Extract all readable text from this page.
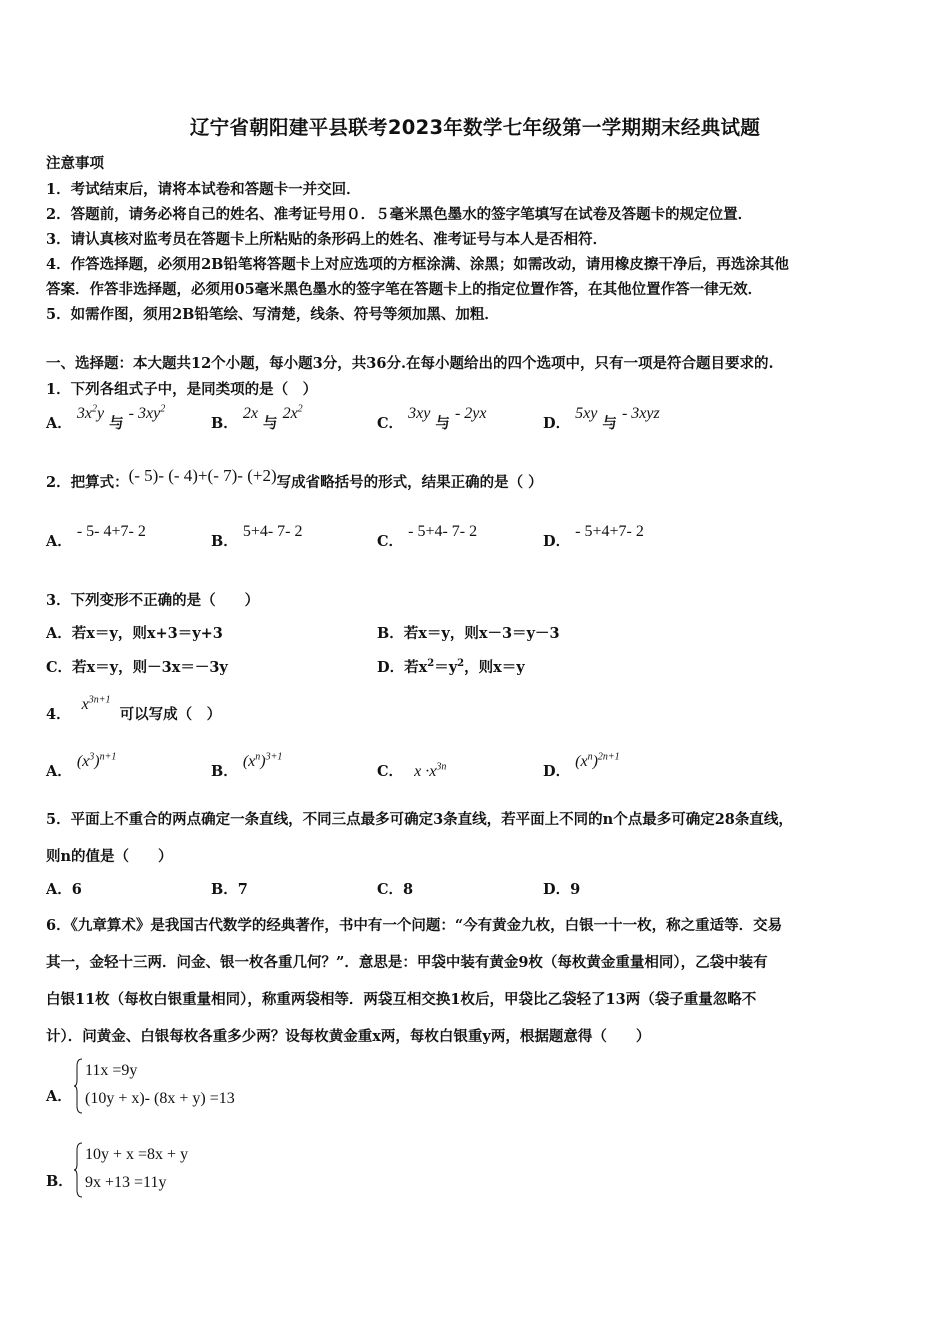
辽宁省朝阳建平县联考2023年数学七年级第一学期期末经典试题
注意事项
1．考试结束后，请将本试卷和答题卡一并交回．
2．答题前，请务必将自己的姓名、准考证号用０．５毫米黑色墨水的签字笔填写在试卷及答题卡的规定位置．
3．请认真核对监考员在答题卡上所粘贴的条形码上的姓名、准考证号与本人是否相符．
4．作答选择题，必须用2B铅笔将答题卡上对应选项的方框涂满、涂黑；如需改动，请用橡皮擦干净后，再选涂其他
答案．作答非选择题，必须用05毫米黑色墨水的签字笔在答题卡上的指定位置作答，在其他位置作答一律无效．
5．如需作图，须用2B铅笔绘、写清楚，线条、符号等须加黑、加粗．
一、选择题：本大题共12个小题，每小题3分，共36分.在每小题给出的四个选项中，只有一项是符合题目要求的.
1．下列各组式子中，是同类项的是（　）
A． $3x^2y$ 与 - $3xy^2$
B． 2x 与 $2x^2$
C． 3xy 与 - 2yx
D． 5xy 与 - 3xyz
2．把算式：(- 5)- (- 4)+(- 7)- (+2)写成省略括号的形式，结果正确的是（ ）
A． - 5- 4+7- 2
B． 5+4- 7- 2
C． - 5+4- 7- 2
D． - 5+4+7- 2
3．下列变形不正确的是（　　）
A．若x＝y，则x+3＝y+3	B．若x＝y，则x－3＝y－3
C．若x＝y，则－3x＝－3y	D．若$x^2=y^2$，则x＝y
4． $x^{3n+1}$ 可以写成（　）
A． $(x^3)^{n+1}$
B． $(x^n)^{3+1}$
C． $x \cdot x^{3n}$	D． $(x^n)^{2n+1}$
5．平面上不重合的两点确定一条直线，不同三点最多可确定3条直线，若平面上不同的n个点最多可确定28条直线，
则n的值是（　　）
A．6	B．7	C．8	D．9
6．《九章算术》是我国古代数学的经典著作，书中有一个问题：“今有黄金九枚，白银一十一枚，称之重适等．交易
其一，金轻十三两．问金、银一枚各重几何？”．意思是：甲袋中装有黄金9枚（每枚黄金重量相同），乙袋中装有
白银11枚（每枚白银重量相同），称重两袋相等．两袋互相交换1枚后，甲袋比乙袋轻了13两（袋子重量忽略不
计）．问黄金、白银每枚各重多少两？设每枚黄金重x两，每枚白银重y两，根据题意得（　　）
A．
11x =9y
(10y + x)- (8x + y) =13
B．
10y + x =8x + y
9x +13 =11y
